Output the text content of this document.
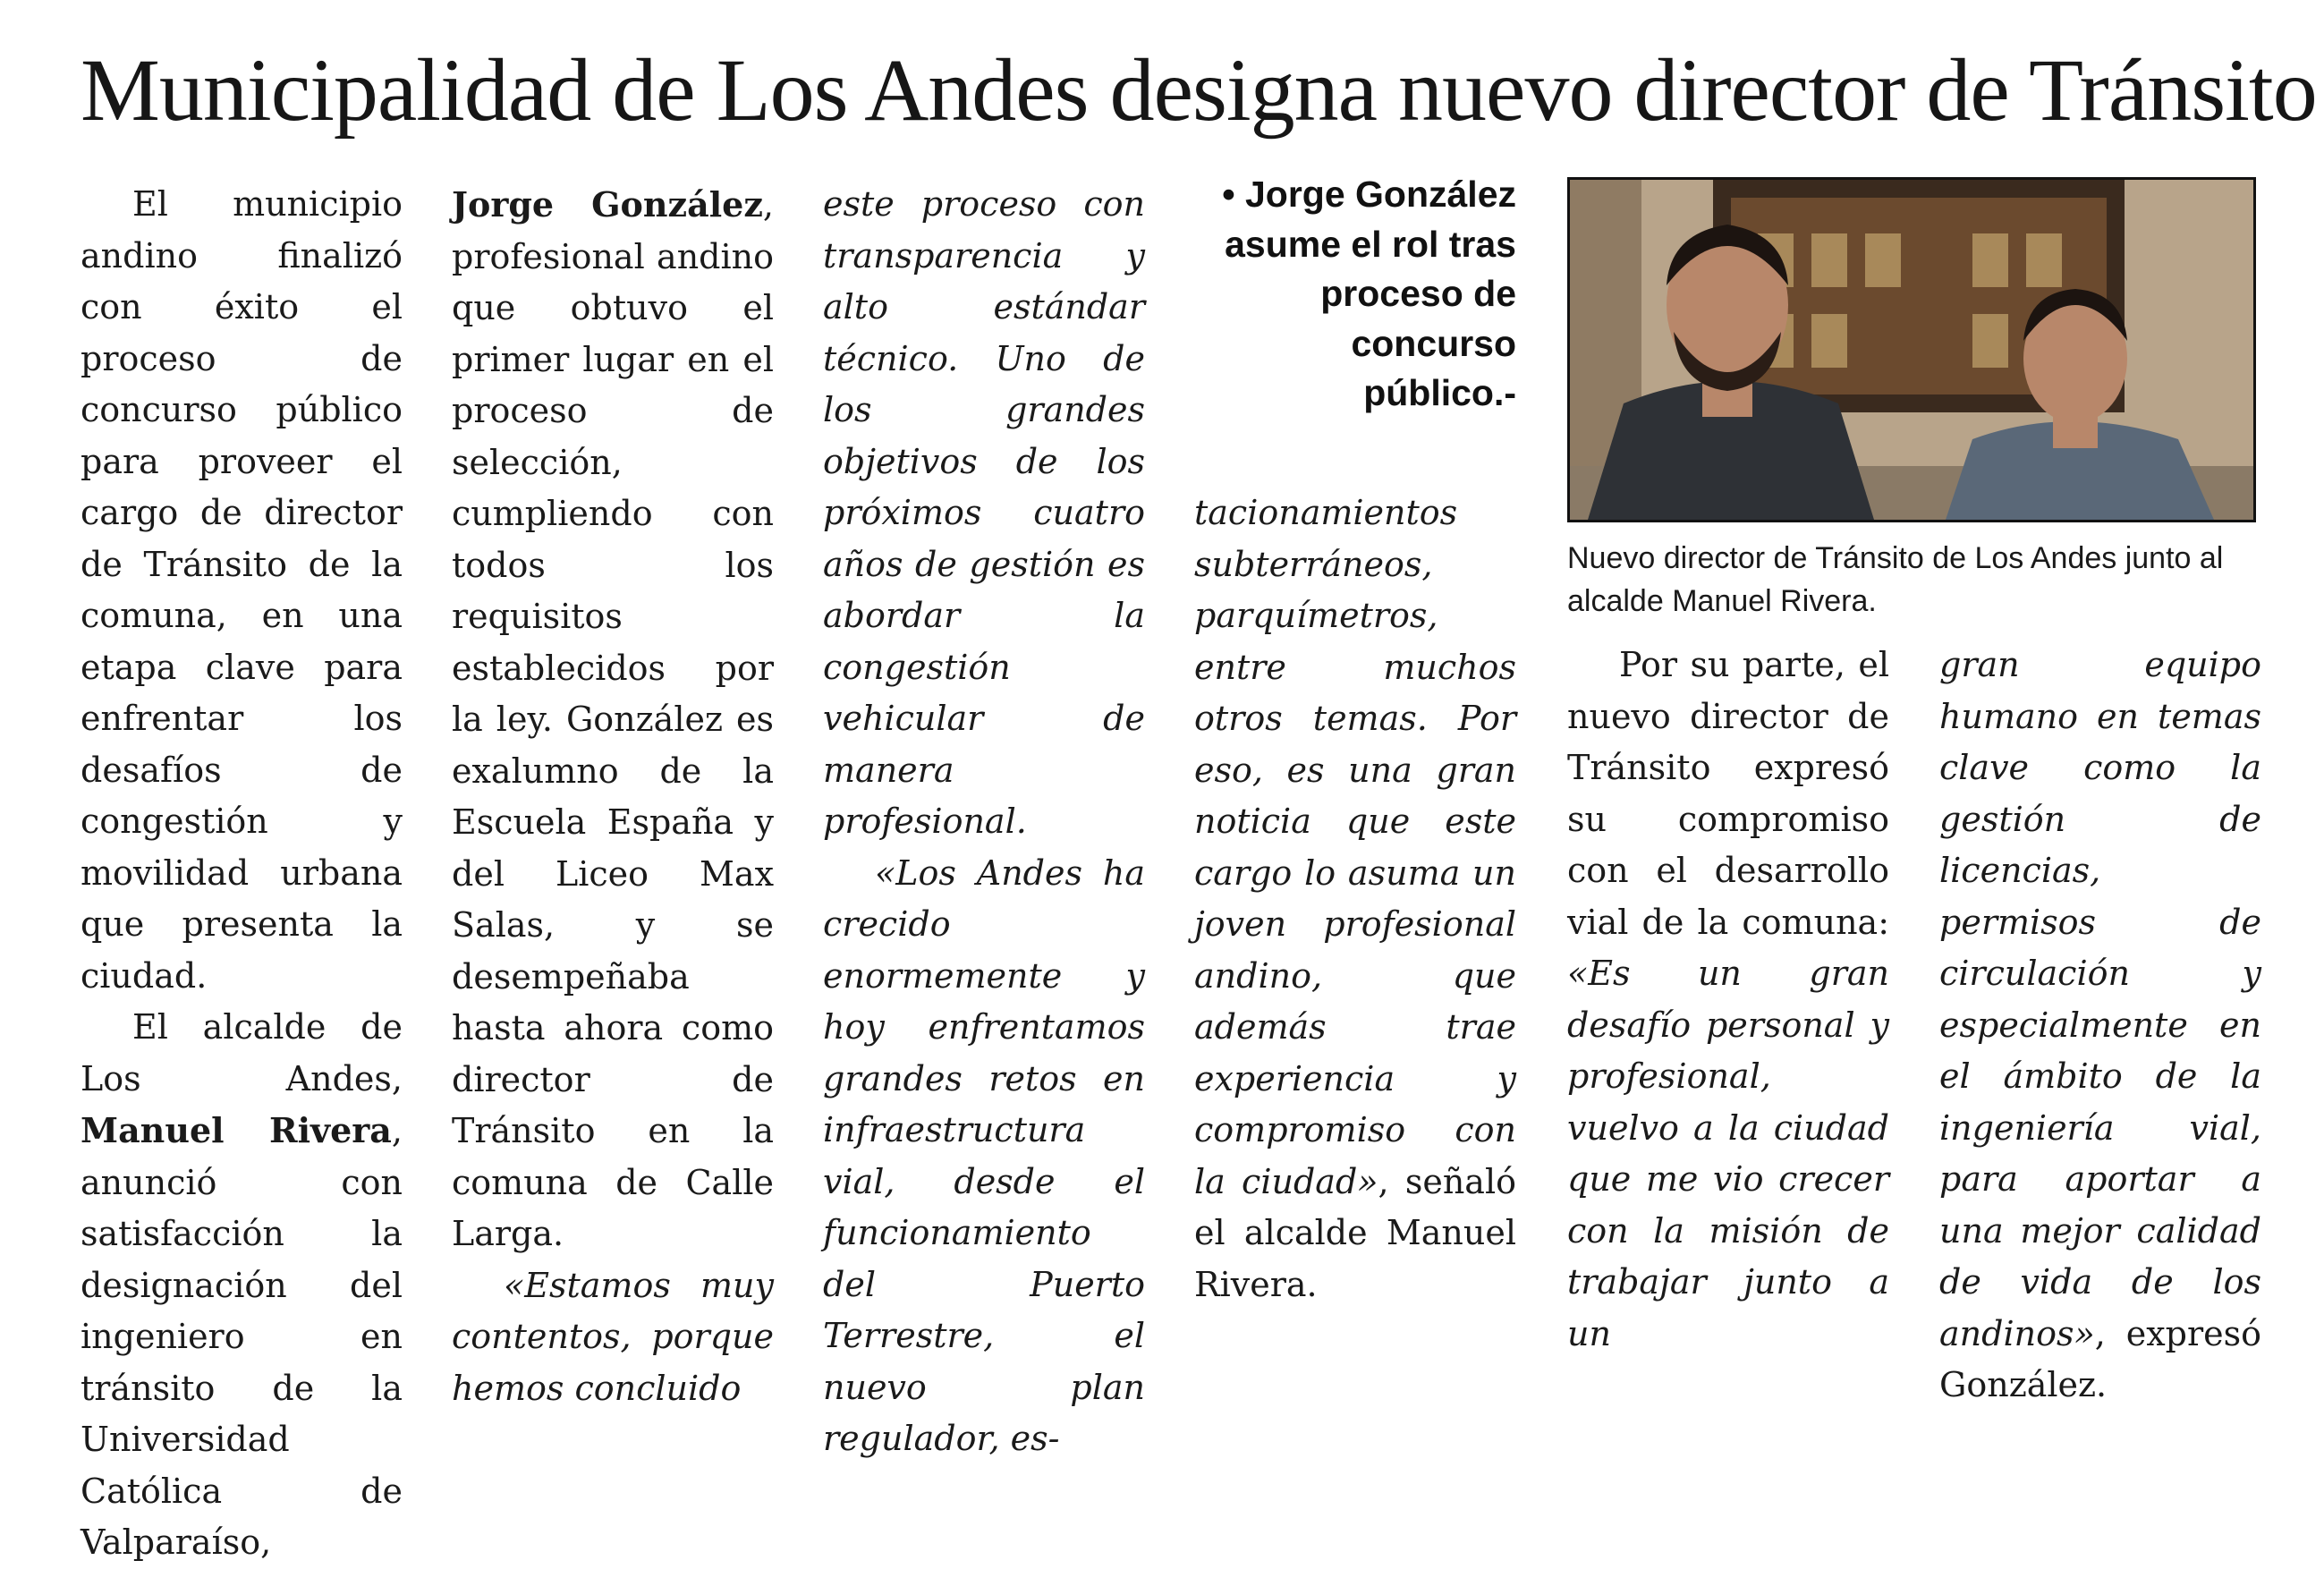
Municipalidad de Los Andes designa nuevo director de Tránsito

El municipio andino finalizó con éxito el proceso de concurso público para proveer el cargo de director de Tránsito de la comuna, en una etapa clave para enfrentar los desafíos de congestión y movilidad urbana que presenta la ciudad.

El alcalde de Los Andes, Manuel Rivera, anunció con satisfacción la designación del ingeniero en tránsito de la Universidad Católica de Valparaíso,

Jorge González, profesional andino que obtuvo el primer lugar en el proceso de selección, cumpliendo con todos los requisitos establecidos por la ley. González es exalumno de la Escuela España y del Liceo Max Salas, y se desempeñaba hasta ahora como director de Tránsito en la comuna de Calle Larga.

«Estamos muy contentos, porque hemos concluido

este proceso con transparencia y alto estándar técnico. Uno de los grandes objetivos de los próximos cuatro años de gestión es abordar la congestión vehicular de manera profesional.

«Los Andes ha crecido enormemente y hoy enfrentamos grandes retos en infraestructura vial, desde el funcionamiento del Puerto Terrestre, el nuevo plan regulador, es-

• Jorge González asume el rol tras proceso de concurso público.-

tacionamientos subterráneos, parquímetros, entre muchos otros temas. Por eso, es una gran noticia que este cargo lo asuma un joven profesional andino, que además trae experiencia y compromiso con la ciudad», señaló el alcalde Manuel Rivera.

Nuevo director de Tránsito de Los Andes junto al alcalde Manuel Rivera.

Por su parte, el nuevo director de Tránsito expresó su compromiso con el desarrollo vial de la comuna: «Es un gran desafío personal y profesional, vuelvo a la ciudad que me vio crecer con la misión de trabajar junto a un

gran equipo humano en temas clave como la gestión de licencias, permisos de circulación y especialmente en el ámbito de la ingeniería vial, para aportar a una mejor calidad de vida de los andinos», expresó González.
